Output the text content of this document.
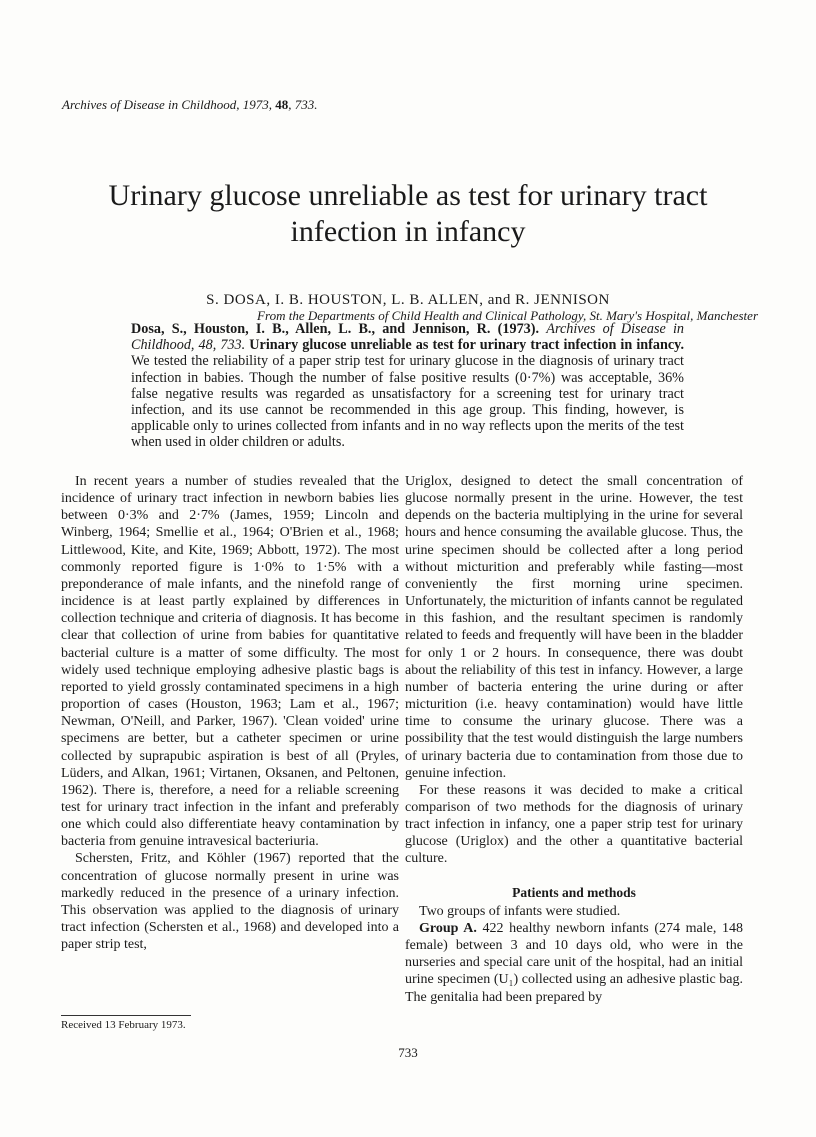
Archives of Disease in Childhood, 1973, 48, 733.
Urinary glucose unreliable as test for urinary tract infection in infancy
S. DOSA, I. B. HOUSTON, L. B. ALLEN, and R. JENNISON
From the Departments of Child Health and Clinical Pathology, St. Mary's Hospital, Manchester
Dosa, S., Houston, I. B., Allen, L. B., and Jennison, R. (1973). Archives of Disease in Childhood, 48, 733. Urinary glucose unreliable as test for urinary tract infection in infancy. We tested the reliability of a paper strip test for urinary glucose in the diagnosis of urinary tract infection in babies. Though the number of false positive results (0·7%) was acceptable, 36% false negative results was regarded as unsatisfactory for a screening test for urinary tract infection, and its use cannot be recommended in this age group. This finding, however, is applicable only to urines collected from infants and in no way reflects upon the merits of the test when used in older children or adults.

In recent years a number of studies revealed that the incidence of urinary tract infection in newborn babies lies between 0·3% and 2·7% (James, 1959; Lincoln and Winberg, 1964; Smellie et al., 1964; O'Brien et al., 1968; Littlewood, Kite, and Kite, 1969; Abbott, 1972). The most commonly reported figure is 1·0% to 1·5% with a preponderance of male infants, and the ninefold range of incidence is at least partly explained by differences in collection technique and criteria of diagnosis. It has become clear that collection of urine from babies for quantitative bacterial culture is a matter of some difficulty. The most widely used technique employing adhesive plastic bags is reported to yield grossly contaminated specimens in a high proportion of cases (Houston, 1963; Lam et al., 1967; Newman, O'Neill, and Parker, 1967). 'Clean voided' urine specimens are better, but a catheter specimen or urine collected by suprapubic aspiration is best of all (Pryles, Lüders, and Alkan, 1961; Virtanen, Oksanen, and Peltonen, 1962). There is, therefore, a need for a reliable screening test for urinary tract infection in the infant and preferably one which could also differentiate heavy contamination by bacteria from genuine intravesical bacteriuria.

Schersten, Fritz, and Köhler (1967) reported that the concentration of glucose normally present in urine was markedly reduced in the presence of a urinary infection. This observation was applied to the diagnosis of urinary tract infection (Schersten et al., 1968) and developed into a paper strip test,

Uriglox, designed to detect the small concentration of glucose normally present in the urine. However, the test depends on the bacteria multiplying in the urine for several hours and hence consuming the available glucose. Thus, the urine specimen should be collected after a long period without micturition and preferably while fasting—most conveniently the first morning urine specimen. Unfortunately, the micturition of infants cannot be regulated in this fashion, and the resultant specimen is randomly related to feeds and frequently will have been in the bladder for only 1 or 2 hours. In consequence, there was doubt about the reliability of this test in infancy. However, a large number of bacteria entering the urine during or after micturition (i.e. heavy contamination) would have little time to consume the urinary glucose. There was a possibility that the test would distinguish the large numbers of urinary bacteria due to contamination from those due to genuine infection.

For these reasons it was decided to make a critical comparison of two methods for the diagnosis of urinary tract infection in infancy, one a paper strip test for urinary glucose (Uriglox) and the other a quantitative bacterial culture.

Patients and methods

Two groups of infants were studied.

Group A. 422 healthy newborn infants (274 male, 148 female) between 3 and 10 days old, who were in the nurseries and special care unit of the hospital, had an initial urine specimen (U₁) collected using an adhesive plastic bag. The genitalia had been prepared by

Received 13 February 1973.
733
